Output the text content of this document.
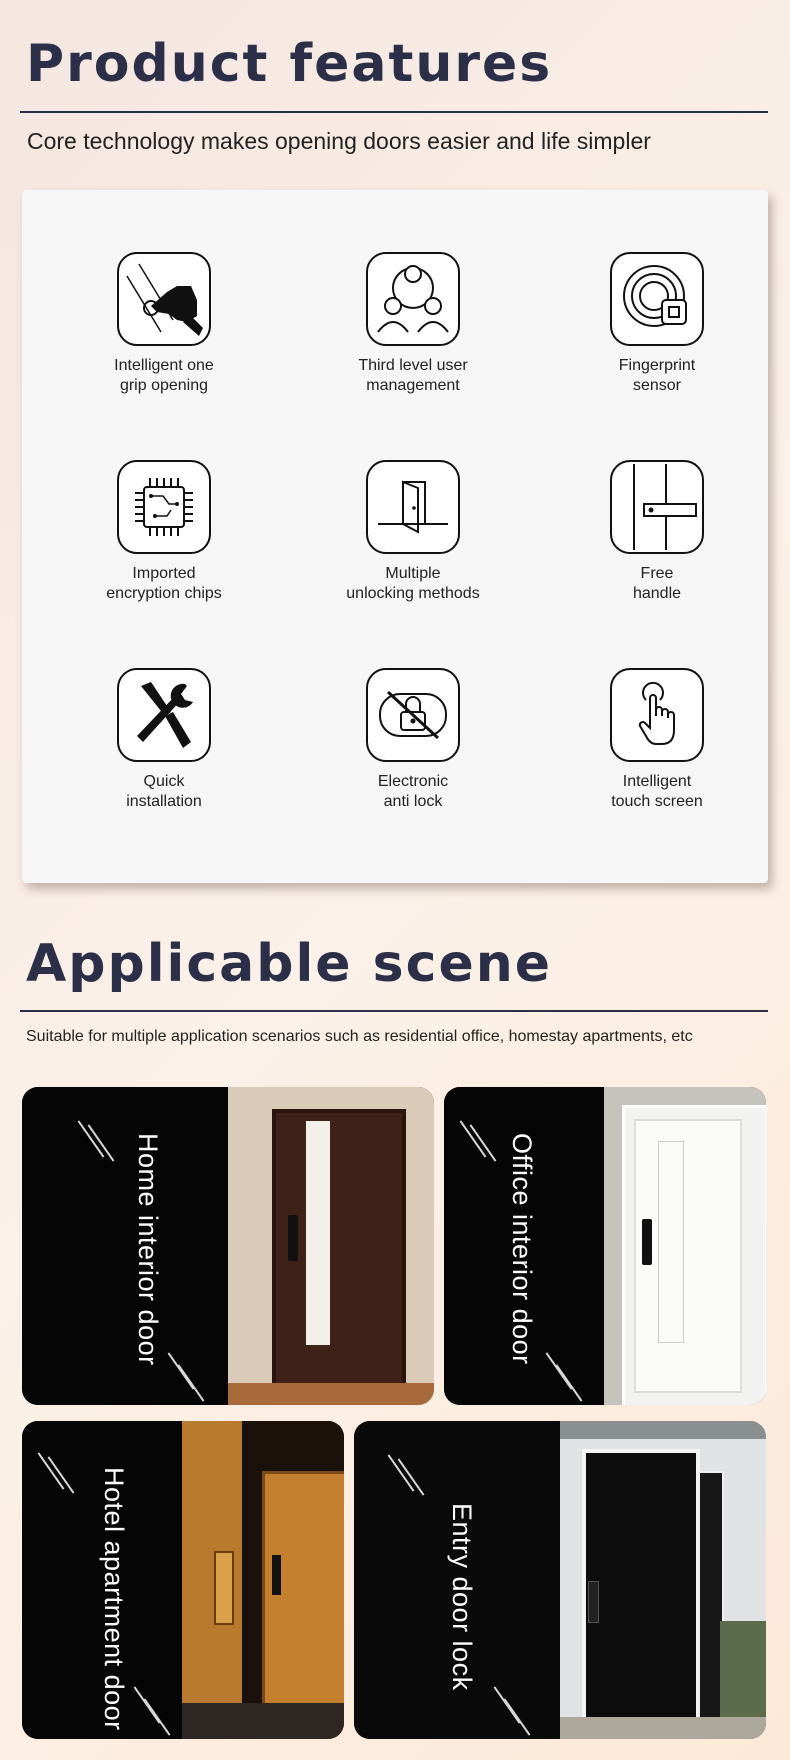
Product features
Core technology makes opening doors easier and life simpler
Intelligent one
grip opening
Third level user
management
Fingerprint
sensor
Imported
encryption chips
Multiple
unlocking methods
Free
handle
Quick
installation
Electronic
anti lock
Intelligent
touch screen
Applicable scene
Suitable for multiple application scenarios such as residential office, homestay apartments, etc
Home interior door	Office interior door
Hotel apartment door	Entry door lock
